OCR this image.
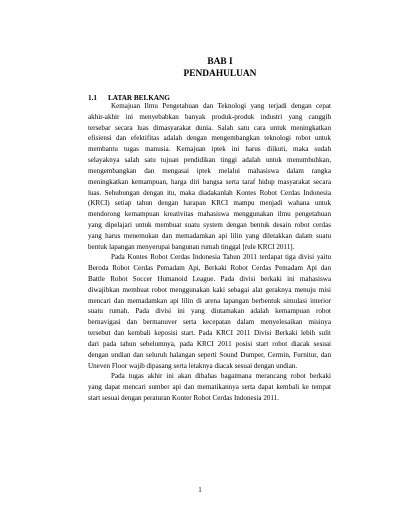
BAB I
PENDAHULUAN
1.1 LATAR BELKANG
Kemajuan Ilmu Pengetahuan dan Teknologi yang terjadi dengan cepat
akhir-akhir ini menyebabkan banyak produk-produk industri yang canggih
tersebar secara luas dimasyarakat dunia. Salah satu cara untuk meningkatkan
efisiensi dan efektifitas adalah dengan mengembangkan teknologi robot untuk
membantu tugas manusia. Kemajuan iptek ini harus diikuti, maka sudah
selayaknya salah satu tujuan pendidikan tinggi adalah untuk menumbuhkan,
mengembangkan dan mengasai iptek melalui mahasiswa dalam rangka
meningkatkan kemampuan, harga diri bangsa serta taraf hidup masyarakat secara
luas. Sehubungan dengan itu, maka diadakanlah Kontes Robot Cerdas Indonesia
(KRCI) setiap tahun dengan harapan KRCI mampu menjadi wahana untuk
mendorong kemampuan kreativitas mahasiswa menggunakan ilmu pengetahuan
yang dipelajari untuk membuat suatu system dengan bentuk desain robot cerdas
yang harus menemukan dan memadamkan api lilin yang diletakkan dalam suatu
bentuk lapangan menyerupai bangunan rumah tinggal [rule KRCI 2011].
Pada Kontes Robot Cerdas Indonesia Tahun 2011 terdapat tiga divisi yaitu
Beroda Robot Cerdas Pemadam Api, Berkaki Robot Cerdas Pemadam Api dan
Battle Robot Soccer Humanoid League. Pada divisi berkaki ini mahasiswa
diwajibkan membuat robot menggunakan kaki sebagai alat geraknya menuju misi
mencari dan memadamkan api lilin di arena lapangan berbentuk simulasi interior
suatu rumah. Pada divisi ini yang diutamakan adalah kemampuan robot
bernavigasi dan bermanuver serta kecepatan dalam menyelesaikan misinya
tersebut dan kembali keposisi start. Pada KRCI 2011 Divisi Berkaki lebih sulit
dari pada tahun sebelumnya, pada KRCI 2011 posisi start robot diacak sesuai
dengan undian dan seluruh halangan seperti Sound Dumper, Cermin, Furnitur, dan
Uneven Floor wajib dipasang serta letaknya diacak sesuai dengan undian.
Pada tugas akhir ini akan dibahas bagaimana merancang robot berkaki
yang dapat mencari sumber api dan mematikannya serta dapat kembali ke tempat
start sesuai dengan peraturan Konter Robot Cerdas Indonesia 2011.
1
